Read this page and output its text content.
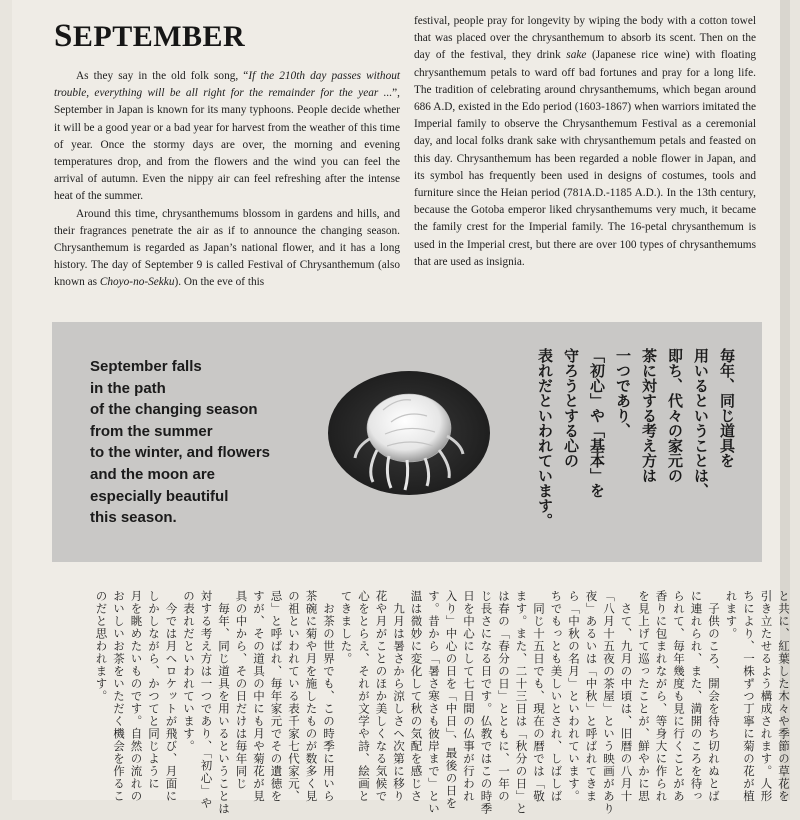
SEPTEMBER

As they say in the old folk song, “If the 210th day passes without trouble, everything will be all right for the remainder for the year ...”, September in Japan is known for its many typhoons. People decide whether it will be a good year or a bad year for harvest from the weather of this time of year. Once the stormy days are over, the morning and evening temperatures drop, and from the flowers and the wind you can feel the arrival of autumn. Even the nippy air can feel refreshing after the intense heat of the summer.

Around this time, chrysanthemums blossom in gardens and hills, and their fragrances penetrate the air as if to announce the changing season. Chrysanthemum is regarded as Japan’s national flower, and it has a long history. The day of September 9 is called Festival of Chrysanthemum (also known as Choyo-no-Sekku). On the eve of this

festival, people pray for longevity by wiping the body with a cotton towel that was placed over the chrysanthemum to absorb its scent. Then on the day of the festival, they drink sake (Japanese rice wine) with floating chrysanthemum petals to ward off bad fortunes and pray for a long life. The tradition of celebrating around chrysanthemums, which began around 686 A.D, existed in the Edo period (1603-1867) when warriors imitated the Imperial family to observe the Chrysanthemum Festival as a ceremonial day, and local folks drank sake with chrysanthemum petals and feasted on this day. Chrysanthemum has been regarded a noble flower in Japan, and its symbol has frequently been used in designs of costumes, tools and furniture since the Heian period (781A.D.-1185 A.D.). In the 13th century, because the Gotoba emperor liked chrysanthemums very much, it became the family crest for the Imperial family. The 16-petal chrysanthemum is used in the Imperial crest, but there are over 100 types of chrysanthemums that are used as insignia.

September falls
in the path
of the changing season
from the summer
to the winter, and flowers
and the moon are
especially beautiful
this season.
毎年、同じ道具を
用いるということは、
即ち、代々の家元の
茶に対する考え方は
一つであり、
「初心」や「基本」を
守ろうとする心の
表れだといわれています。

と共に、紅葉した木々や季節の草花を

引き立たせるよう構成されます。人形

ちにより、一株ずつ丁寧に菊の花が植

れます。

　子供のころ、開会を待ち切れぬとば

に連れられ、また、満開のころを待っ

られて、毎年幾度も見に行くことがあ

香りに包まれながら、等身大に作られ

を見上げて巡ったことが、鮮やかに思

　さて、九月の中頃は、旧暦の八月十

「八月十五夜の茶屋」という映画があり

夜」あるいは「中秋」と呼ばれてきま

ら「中秋の名月」といわれています。

ちでもっとも美しいとされ、しばしば

　同じ十五日でも、現在の暦では「敬

ます。また、二十三日は「秋分の日」と

は春の「春分の日」とともに、一年の

じ長さになる日です。仏教ではこの時季

日を中心にして七日間の仏事が行われ

入り」中心の日を「中日」、最後の日を

す。昔から「暑さ寒さも彼岸まで」とい

温は微妙に変化して秋の気配を感じさ

　九月は暑さから涼しさへ次第に移り

花や月がことのほか美しくなる気候で

心をとらえ、それが文学や詩、絵画と

てきました。

　お茶の世界でも、この時季に用いら

茶碗に菊や月を施したものが数多く見

の祖といわれている表千家七代家元、

忌」と呼ばれ、毎年家元でその遺徳を

すが、その道具の中にも月や菊花が見

具の中から、その日だけは毎年同じ

　毎年、同じ道具を用いるということは

対する考え方は一つであり、「初心」や

の表れだといわれています。

　今では月へロケットが飛び、月面に

しかしながら、かつてと同じように

月を眺めたいものです。自然の流れの

おいしいお茶をいただく機会を作るこ

のだと思われます。
